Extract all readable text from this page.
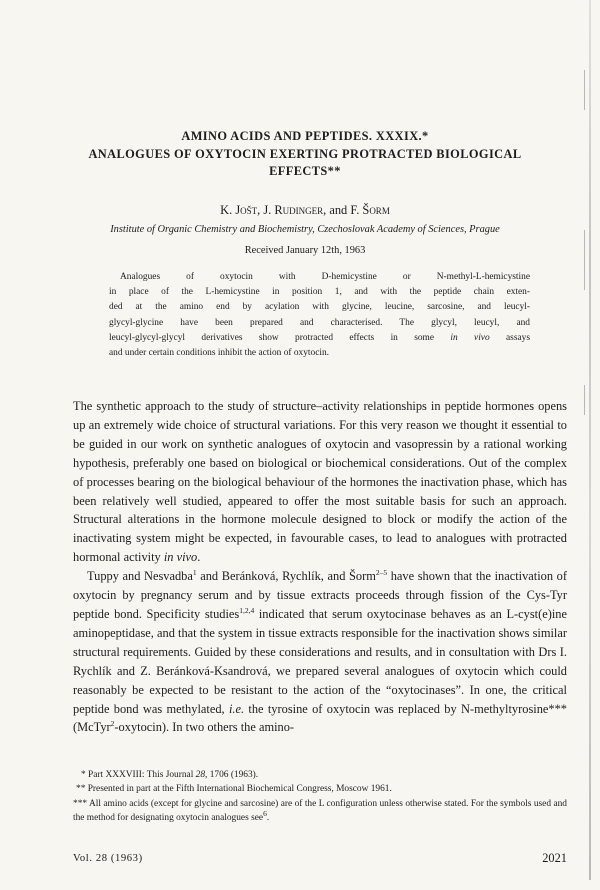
AMINO ACIDS AND PEPTIDES. XXXIX.*
ANALOGUES OF OXYTOCIN EXERTING PROTRACTED BIOLOGICAL
EFFECTS**
K. Jošt, J. Rudinger, and F. Šorm
Institute of Organic Chemistry and Biochemistry, Czechoslovak Academy of Sciences, Prague
Received January 12th, 1963
Analogues of oxytocin with D-hemicystine or N-methyl-L-hemicystine
in place of the L-hemicystine in position 1, and with the peptide chain exten-
ded at the amino end by acylation with glycine, leucine, sarcosine, and leucyl-
glycyl-glycine have been prepared and characterised. The glycyl, leucyl, and
leucyl-glycyl-glycyl derivatives show protracted effects in some in vivo assays
and under certain conditions inhibit the action of oxytocin.

The synthetic approach to the study of structure–activity relationships in peptide hormones opens up an extremely wide choice of structural variations. For this very reason we thought it essential to be guided in our work on synthetic analogues of oxytocin and vasopressin by a rational working hypothesis, preferably one based on biological or biochemical considerations. Out of the complex of processes bearing on the biological behaviour of the hormones the inactivation phase, which has been relatively well studied, appeared to offer the most suitable basis for such an approach. Structural alterations in the hormone molecule designed to block or modify the action of the inactivating system might be expected, in favourable cases, to lead to analogues with protracted hormonal activity in vivo.

Tuppy and Nesvadba$^1$ and Beránková, Rychlík, and Šorm$^{2-5}$ have shown that the inactivation of oxytocin by pregnancy serum and by tissue extracts proceeds through fission of the Cys-Tyr peptide bond. Specificity studies$^{1,2,4}$ indicated that serum oxytocinase behaves as an L-cyst(e)ine aminopeptidase, and that the system in tissue extracts responsible for the inactivation shows similar structural requirements. Guided by these considerations and results, and in consultation with Drs I. Rychlík and Z. Beránková-Ksandrová, we prepared several analogues of oxytocin which could reasonably be expected to be resistant to the action of the “oxytocinases”. In one, the critical peptide bond was methylated, i.e. the tyrosine of oxytocin was replaced by N-methyltyrosine*** (McTyr$^2$-oxytocin). In two others the amino-

* Part XXXVIII: This Journal 28, 1706 (1963).

** Presented in part at the Fifth International Biochemical Congress, Moscow 1961.

*** All amino acids (except for glycine and sarcosine) are of the L configuration unless otherwise stated. For the symbols used and the method for designating oxytocin analogues see$^6$.

Vol. 28 (1963)	2021
